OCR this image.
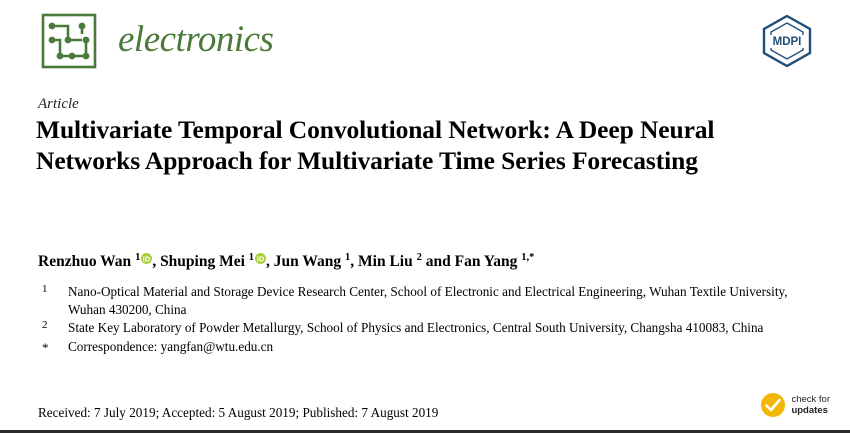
electronics	MDPI
Article
Multivariate Temporal Convolutional Network: A Deep Neural Networks Approach for Multivariate Time Series Forecasting
Renzhuo Wan $^1$ iD , Shuping Mei $^1$ iD , Jun Wang $^1$, Min Liu $^2$ and Fan Yang $^{1,*}$
1	Nano-Optical Material and Storage Device Research Center, School of Electronic and Electrical Engineering, Wuhan Textile University, Wuhan 430200, China
2	State Key Laboratory of Powder Metallurgy, School of Physics and Electronics, Central South University, Changsha 410083, China
*	Correspondence: yangfan@wtu.edu.cn
Received: 7 July 2019; Accepted: 5 August 2019; Published: 7 August 2019
check for
updates
